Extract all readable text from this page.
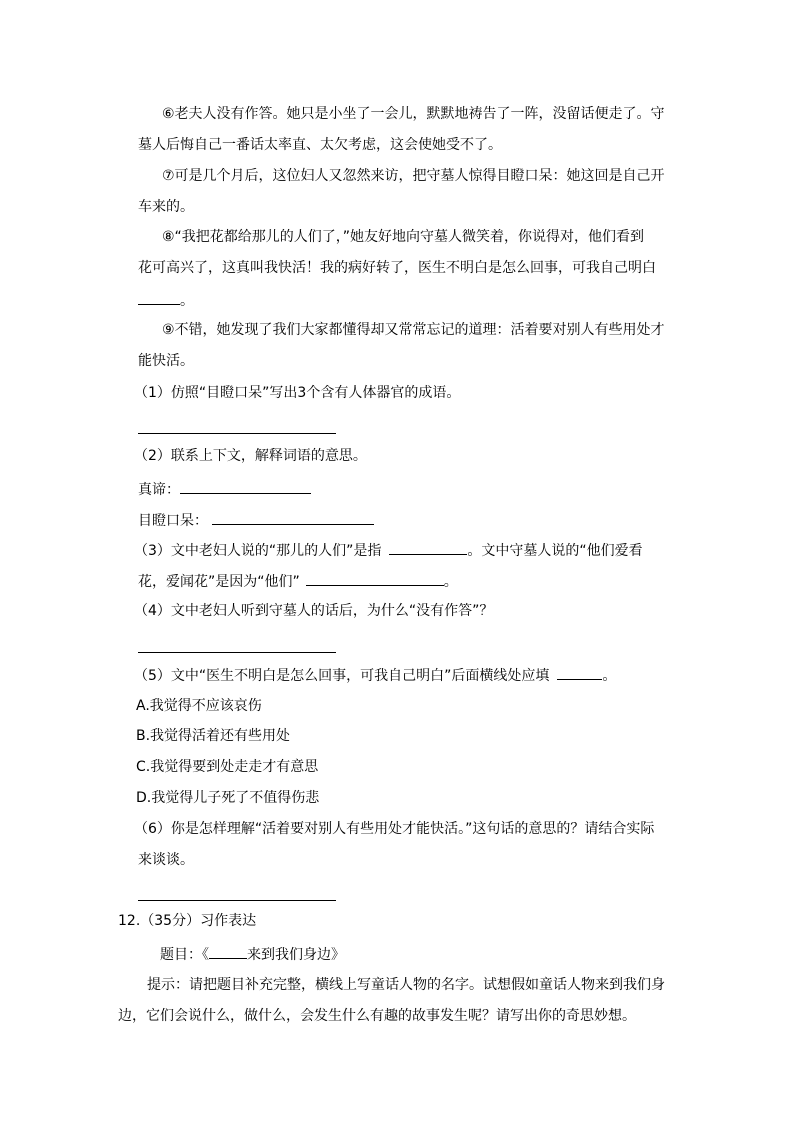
⑥老夫人没有作答。她只是小坐了一会儿，默默地祷告了一阵，没留话便走了。守
墓人后悔自己一番话太率直、太欠考虑，这会使她受不了。
⑦可是几个月后，这位妇人又忽然来访，把守墓人惊得目瞪口呆：她这回是自己开
车来的。
⑧“我把花都给那儿的人们了，”她友好地向守墓人微笑着，你说得对，他们看到
花可高兴了，这真叫我快活！我的病好转了，医生不明白是怎么回事，可我自己明白
。
⑨不错，她发现了我们大家都懂得却又常常忘记的道理：活着要对别人有些用处才
能快活。
（1）仿照“目瞪口呆”写出3个含有人体器官的成语。
（2）联系上下文，解释词语的意思。
真谛：
目瞪口呆：
（3）文中老妇人说的“那儿的人们”是指	。文中守墓人说的“他们爱看
花，爱闻花”是因为“他们”	。
（4）文中老妇人听到守墓人的话后，为什么“没有作答”？
（5）文中“医生不明白是怎么回事，可我自己明白”后面横线处应填	。
A.我觉得不应该哀伤
B.我觉得活着还有些用处
C.我觉得要到处走走才有意思
D.我觉得儿子死了不值得伤悲
（6）你是怎样理解“活着要对别人有些用处才能快活。”这句话的意思的？请结合实际
来谈谈。
12.（35分）习作表达
题目：《	来到我们身边》
提示：请把题目补充完整，横线上写童话人物的名字。试想假如童话人物来到我们身
边，它们会说什么，做什么，会发生什么有趣的故事发生呢？请写出你的奇思妙想。
